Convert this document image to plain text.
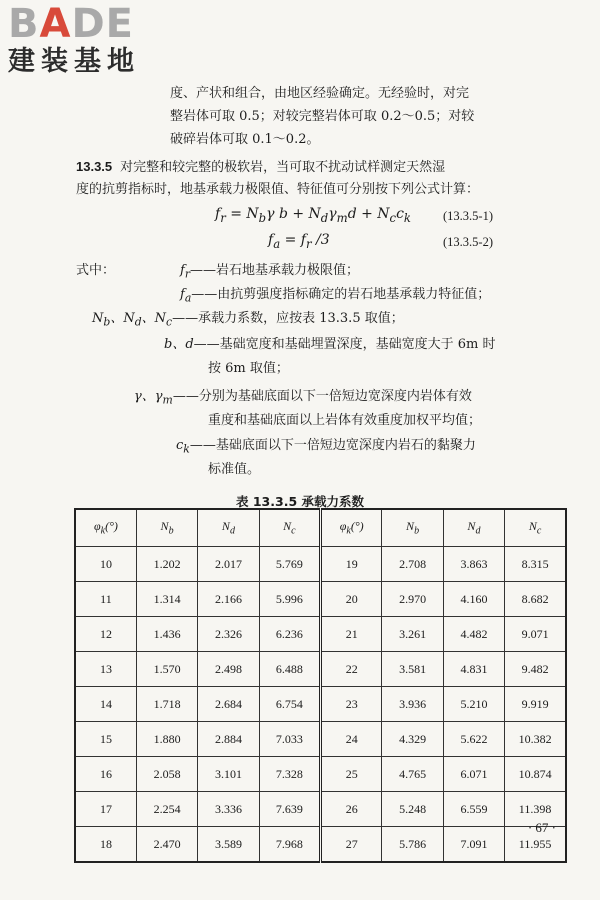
BADE
建装基地
度、产状和组合，由地区经验确定。无经验时，对完
整岩体可取 0.5；对较完整岩体可取 0.2～0.5；对较
破碎岩体可取 0.1～0.2。
13.3.5 对完整和较完整的极软岩，当可取不扰动试样测定天然湿
度的抗剪指标时，地基承载力极限值、特征值可分别按下列公式计算：
$f_r = N_b\gamma$ $b + N_d\gamma_md + N_cc_k$	(13.3.5-1)
$f_a = f_r$ /3	(13.3.5-2)
式中：	$f_r——$岩石地基承载力极限值；
$f_a——$由抗剪强度指标确定的岩石地基承载力特征值；
$N_b$、$N_d$、$N_c——$承载力系数，应按表 13.3.5 取值；
b、d——基础宽度和基础埋置深度，基础宽度大于 6m 时
按 6m 取值；
γ、$\gamma_m——$分别为基础底面以下一倍短边宽深度内岩体有效
重度和基础底面以上岩体有效重度加权平均值；
$c_k——$基础底面以下一倍短边宽深度内岩石的黏聚力
标准值。
表 13.3.5 承载力系数
$\varphi_k(^\circ)$	$N_b$	$N_d$	$N_c$	$\varphi_k(^\circ)$	$N_b$	$N_d$	$N_c$
10	1.202	2.017	5.769	19	2.708	3.863	8.315
11	1.314	2.166	5.996	20	2.970	4.160	8.682
12	1.436	2.326	6.236	21	3.261	4.482	9.071
13	1.570	2.498	6.488	22	3.581	4.831	9.482
14	1.718	2.684	6.754	23	3.936	5.210	9.919
15	1.880	2.884	7.033	24	4.329	5.622	10.382
16	2.058	3.101	7.328	25	4.765	6.071	10.874
17	2.254	3.336	7.639	26	5.248	6.559	11.398
18	2.470	3.589	7.968	27	5.786	7.091	11.955
· 67 ·
